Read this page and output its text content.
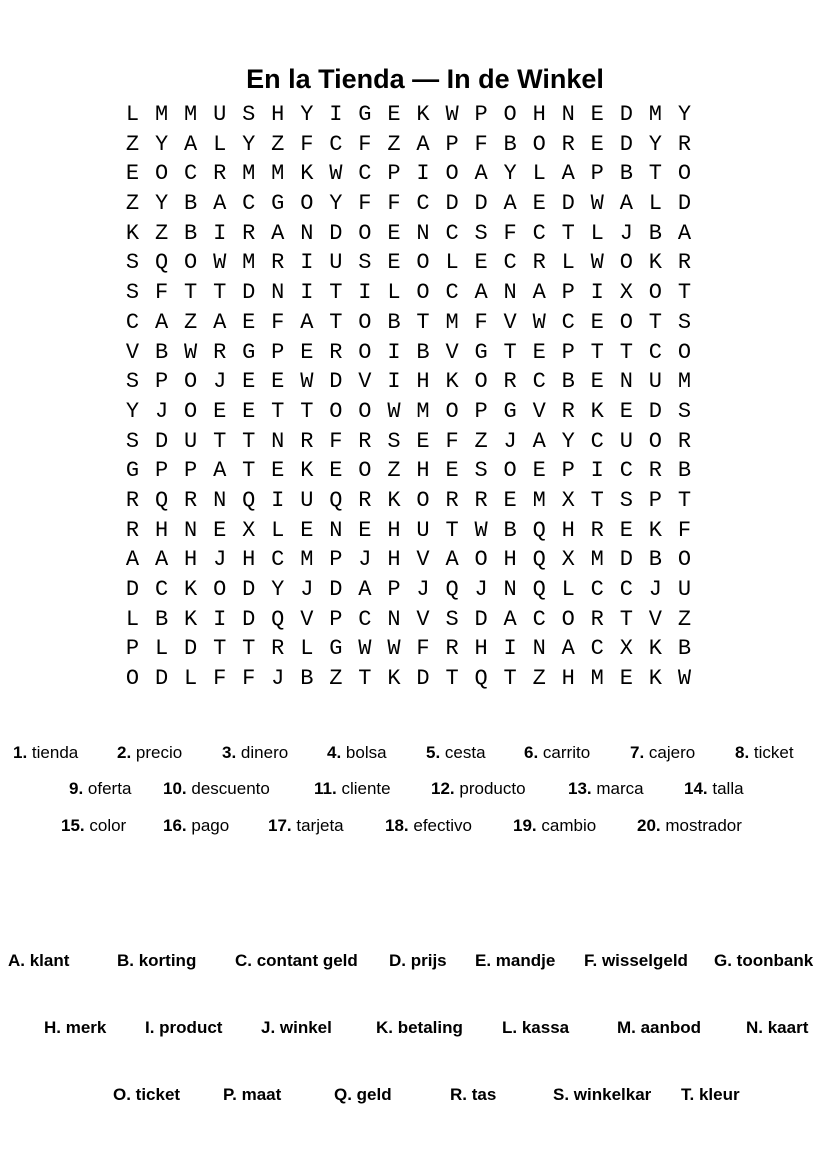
En la Tienda — In de Winkel
L M M U S H Y I G E K W P O H N E D M Y
Z Y A L Y Z F C F Z A P F B O R E D Y R
E O C R M M K W C P I O A Y L A P B T O
Z Y B A C G O Y F F C D D A E D W A L D
K Z B I R A N D O E N C S F C T L J B A
S Q O W M R I U S E O L E C R L W O K R
S F T T D N I T I L O C A N A P I X O T
C A Z A E F A T O B T M F V W C E O T S
V B W R G P E R O I B V G T E P T T C O
S P O J E E W D V I H K O R C B E N U M
Y J O E E T T O O W M O P G V R K E D S
S D U T T N R F R S E F Z J A Y C U O R
G P P A T E K E O Z H E S O E P I C R B
R Q R N Q I U Q R K O R R E M X T S P T
R H N E X L E N E H U T W B Q H R E K F
A A H J H C M P J H V A O H Q X M D B O
D C K O D Y J D A P J Q J N Q L C C J U
L B K I D Q V P C N V S D A C O R T V Z
P L D T T R L G W W F R H I N A C X K B
O D L F F J B Z T K D T Q T Z H M E K W
1. tienda 2. precio 3. dinero 4. bolsa 5. cesta 6. carrito 7. cajero 8. ticket
9. oferta 10. descuento	11. cliente 12. producto 13. marca 14. talla
15. color 16. pago 17. tarjeta 18. efectivo 19. cambio 20. mostrador
A. klant	B. korting C. contant geld D. prijs E. mandje F. wisselgeld G. toonbank
H. merk I. product J. winkel	K. betaling L. kassa	M. aanbod	N. kaart
O. ticket	P. maat	Q. geld	R. tas	S. winkelkar T. kleur
